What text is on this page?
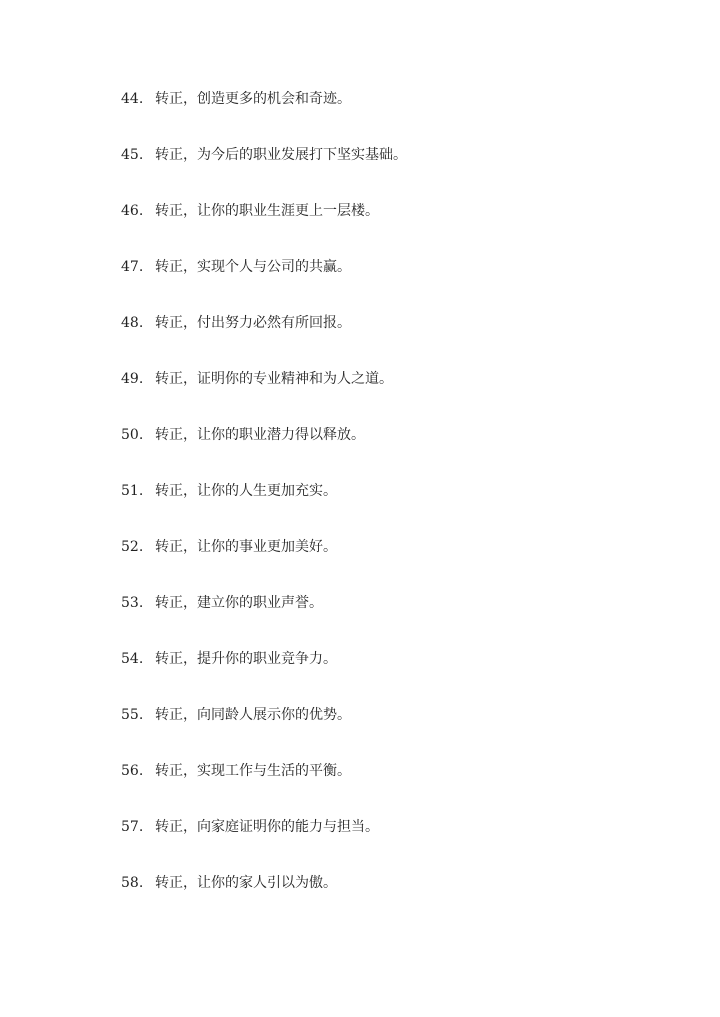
44. 转正，创造更多的机会和奇迹。
45. 转正，为今后的职业发展打下坚实基础。
46. 转正，让你的职业生涯更上一层楼。
47. 转正，实现个人与公司的共赢。
48. 转正，付出努力必然有所回报。
49. 转正，证明你的专业精神和为人之道。
50. 转正，让你的职业潜力得以释放。
51. 转正，让你的人生更加充实。
52. 转正，让你的事业更加美好。
53. 转正，建立你的职业声誉。
54. 转正，提升你的职业竞争力。
55. 转正，向同龄人展示你的优势。
56. 转正，实现工作与生活的平衡。
57. 转正，向家庭证明你的能力与担当。
58. 转正，让你的家人引以为傲。
